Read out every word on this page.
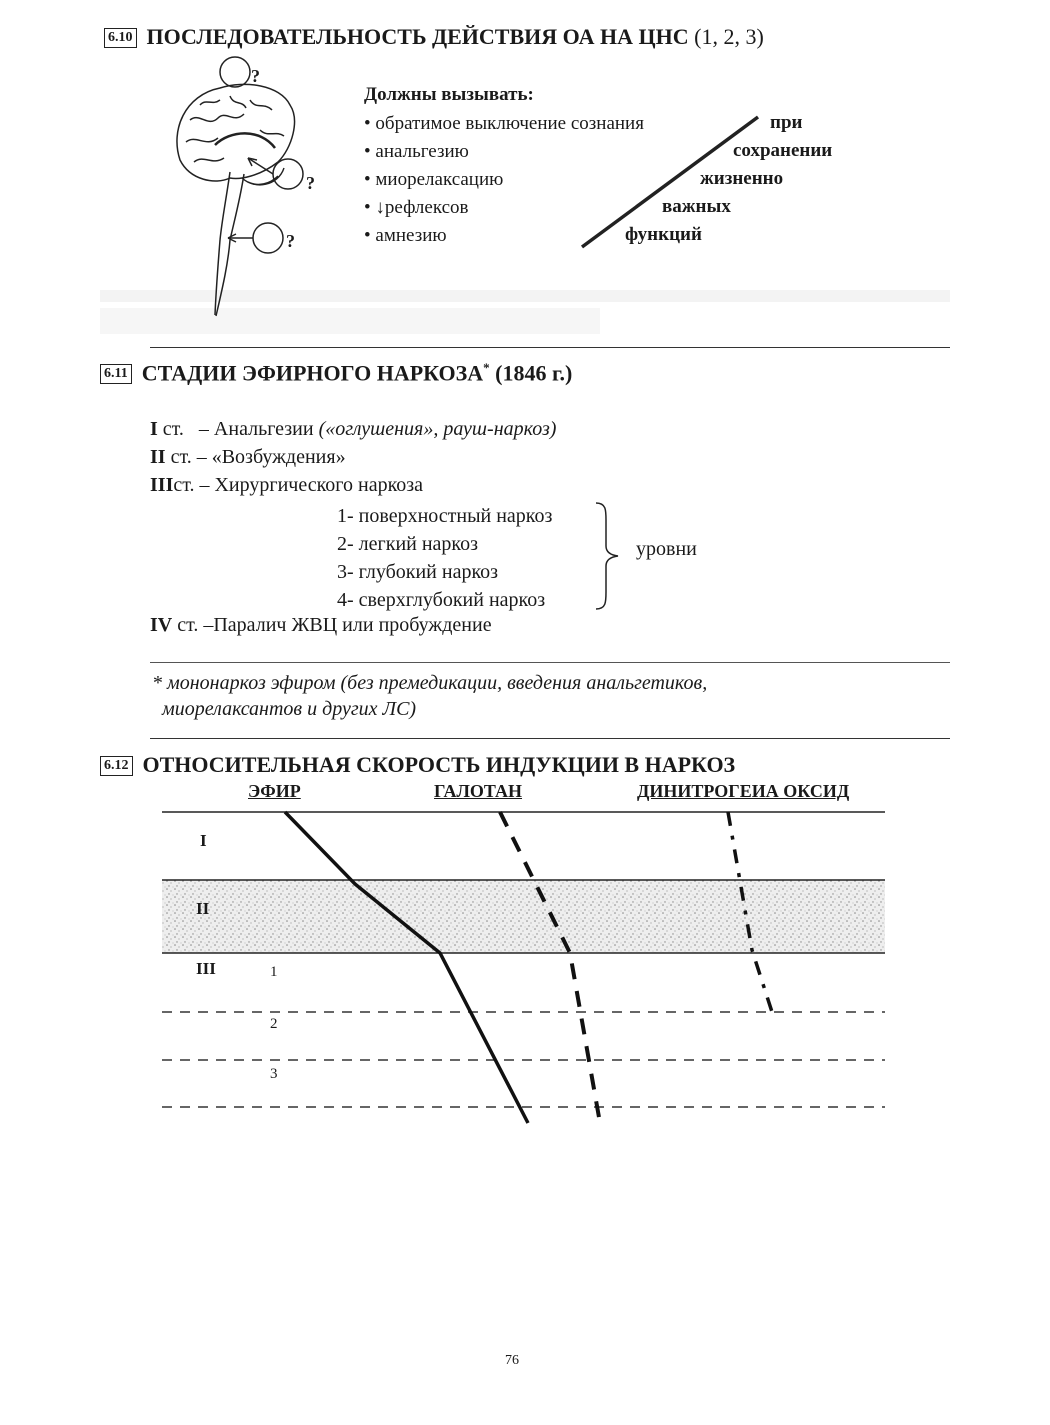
6.10 ПОСЛЕДОВАТЕЛЬНОСТЬ ДЕЙСТВИЯ ОА НА ЦНС (1, 2, 3)
?
?
?
Должны вызывать:
• обратимое выключение сознания
• анальгезию
• миорелаксацию
• ↓рефлексов
• амнезию
при
сохранении
жизненно
важных
функций
6.11 СТАДИИ ЭФИРНОГО НАРКОЗА* (1846 г.)
I ст. – Анальгезии («оглушения», рауш-наркоз)
II ст. – «Возбуждения»
IIIст. – Хирургического наркоза
1- поверхностный наркоз
2- легкий наркоз
3- глубокий наркоз
4- сверхглубокий наркоз
уровни
IV ст. –Паралич ЖВЦ или пробуждение
* мононаркоз эфиром (без премедикации, введения анальгетиков,
миорелаксантов и других ЛС)
6.12 ОТНОСИТЕЛЬНАЯ СКОРОСТЬ ИНДУКЦИИ В НАРКОЗ
ЭФИР	ГАЛОТАН	ДИНИТРОГЕИА ОКСИД
I
II
III	1
2
3
76
